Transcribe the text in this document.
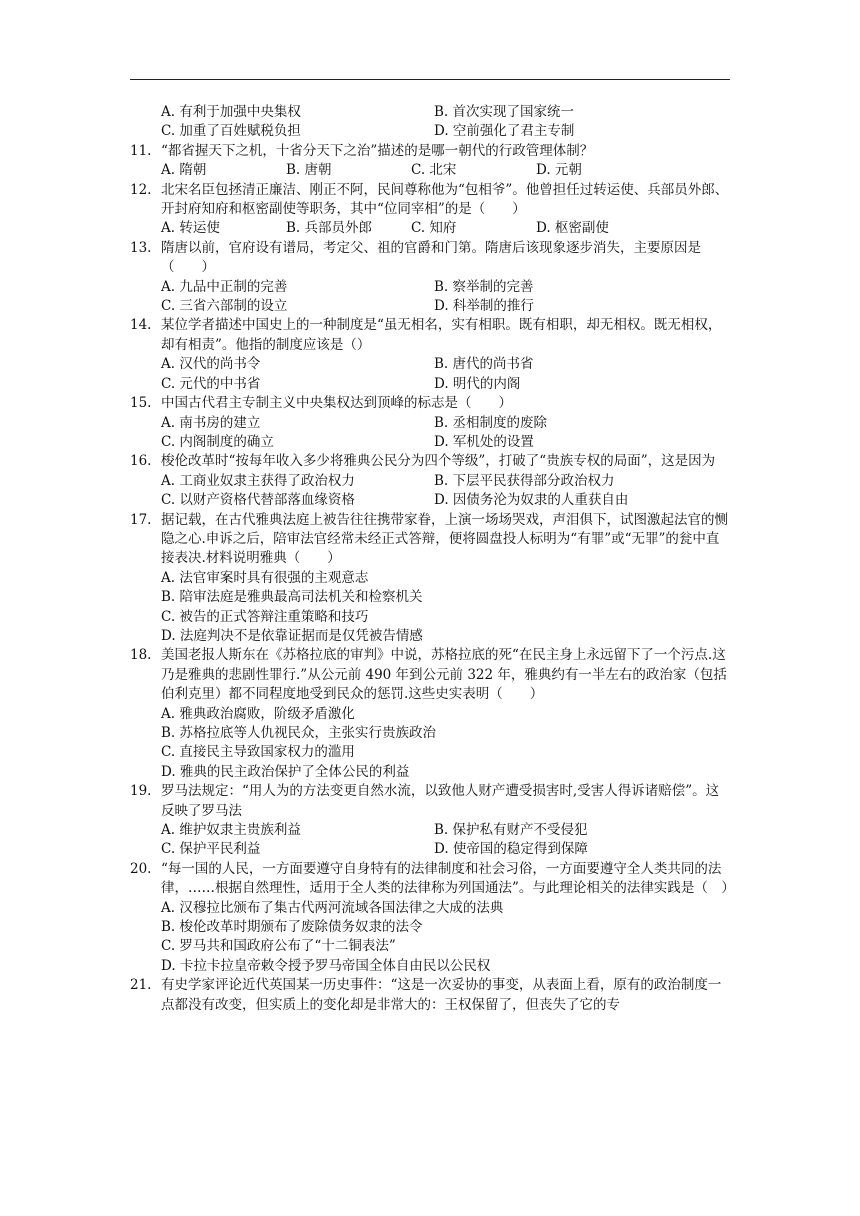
A. 有利于加强中央集权	B. 首次实现了国家统一
C. 加重了百姓赋税负担	D. 空前强化了君主专制
11. “都省握天下之机，十省分天下之治”描述的是哪一朝代的行政管理体制？
A. 隋朝	B. 唐朝	C. 北宋	D. 元朝
12. 北宋名臣包拯清正廉洁、刚正不阿，民间尊称他为“包相爷”。他曾担任过转运使、兵部员外郎、开封府知府和枢密副使等职务，其中“位同宰相”的是（　　）
A. 转运使	B. 兵部员外郎	C. 知府	D. 枢密副使
13. 隋唐以前，官府设有谱局，考定父、祖的官爵和门第。隋唐后该现象逐步消失，主要原因是（　　）
A. 九品中正制的完善	B. 察举制的完善
C. 三省六部制的设立	D. 科举制的推行
14. 某位学者描述中国史上的一种制度是“虽无相名，实有相职。既有相职，却无相权。既无相权，却有相责”。他指的制度应该是（）
A. 汉代的尚书令	B. 唐代的尚书省
C. 元代的中书省	D. 明代的内阁
15. 中国古代君主专制主义中央集权达到顶峰的标志是（　　）
A. 南书房的建立	B. 丞相制度的废除
C. 内阁制度的确立	D. 军机处的设置
16. 梭伦改革时“按每年收入多少将雅典公民分为四个等级”，打破了“贵族专权的局面”，这是因为
A. 工商业奴隶主获得了政治权力	B. 下层平民获得部分政治权力
C. 以财产资格代替部落血缘资格	D. 因债务沦为奴隶的人重获自由
17. 据记载，在古代雅典法庭上被告往往携带家眷，上演一场场哭戏，声泪俱下，试图激起法官的恻隐之心.申诉之后，陪审法官经常未经正式答辩，便将圆盘投人标明为“有罪”或“无罪”的瓮中直接表决.材料说明雅典（　　）
A. 法官审案时具有很强的主观意志
B. 陪审法庭是雅典最高司法机关和检察机关
C. 被告的正式答辩注重策略和技巧
D. 法庭判决不是依靠证据而是仅凭被告情感
18. 美国老报人斯东在《苏格拉底的审判》中说，苏格拉底的死“在民主身上永远留下了一个污点.这乃是雅典的悲剧性罪行.”从公元前 490 年到公元前 322 年，雅典约有一半左右的政治家（包括伯利克里）都不同程度地受到民众的惩罚.这些史实表明（　　）
A. 雅典政治腐败，阶级矛盾激化
B. 苏格拉底等人仇视民众，主张实行贵族政治
C. 直接民主导致国家权力的滥用
D. 雅典的民主政治保护了全体公民的利益
19. 罗马法规定：“用人为的方法变更自然水流，以致他人财产遭受损害时,受害人得诉诸赔偿”。这反映了罗马法
A. 维护奴隶主贵族利益	B. 保护私有财产不受侵犯
C. 保护平民利益	D. 使帝国的稳定得到保障
20. “每一国的人民，一方面要遵守自身特有的法律制度和社会习俗，一方面要遵守全人类共同的法律，……根据自然理性，适用于全人类的法律称为列国通法”。与此理论相关的法律实践是（　）
A. 汉穆拉比颁布了集古代两河流域各国法律之大成的法典
B. 梭伦改革时期颁布了废除债务奴隶的法令
C. 罗马共和国政府公布了“十二铜表法”
D. 卡拉卡拉皇帝敕令授予罗马帝国全体自由民以公民权
21. 有史学家评论近代英国某一历史事件：“这是一次妥协的事变，从表面上看，原有的政治制度一点都没有改变，但实质上的变化却是非常大的：王权保留了，但丧失了它的专
